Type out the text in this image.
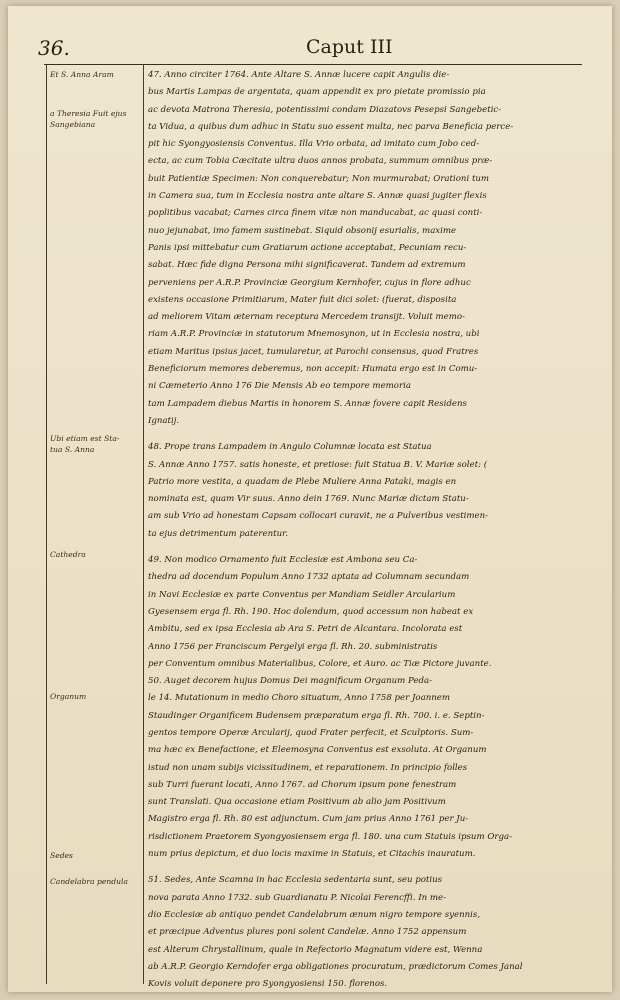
36.	Caput III
Et S. Anna Aram
a Theresia Fuit ejus
Sangebiana
Ubi etiam est Sta-
tua S. Anna
Cathedra
Organum
Sedes
Candelabra pendula
47. Anno circiter 1764. Ante Altare S. Annæ lucere capit Angulis die-
bus Martis Lampas de argentata, quam appendit ex pro pietate promissio pia
ac devota Matrona Theresia, potentissimi condam Diazatovs Pesepsi Sangebetic-
ta Vidua, a quibus dum adhuc in Statu suo essent multa, nec parva Beneficia perce-
pit hic Syongyosiensis Conventus. Illa Vrio orbata, ad imitato cum Jobo ced-
ecta, ac cum Tobia Cæcitate ultra duos annos probata, summum omnibus præ-
buit Patientiæ Specimen: Non conquerebatur; Non murmurabat; Orationi tum
in Camera sua, tum in Ecclesia nostra ante altare S. Annæ quasi jugiter flexis
poplitibus vacabat; Carnes circa finem vitæ non manducabat, ac quasi conti-
nuo jejunabat, imo famem sustinebat. Siquid obsonij esurialis, maxime
Panis ipsi mittebatur cum Gratiarum actione acceptabat, Pecuniam recu-
sabat. Hæc fide digna Persona mihi significaverat. Tandem ad extremum
perveniens per A.R.P. Provinciæ Georgium Kernhofer, cujus in flore adhuc
existens occasione Primitiarum, Mater fuit dici solet: (fuerat, disposita
ad meliorem Vitam æternam receptura Mercedem transijt. Voluit memo-
riam A.R.P. Provinciæ in statutorum Mnemosynon, ut in Ecclesia nostra, ubi
etiam Maritus ipsius jacet, tumularetur, at Parochi consensus, quod Fratres
Beneficiorum memores deberemus, non accepit: Humata ergo est in Comu-
ni Cæmeterio Anno 176 Die Mensis Ab eo tempore memoria
tam Lampadem diebus Martis in honorem S. Annæ fovere capit Residens
Ignatij.
48. Prope trans Lampadem in Angulo Columnæ locata est Statua
S. Annæ Anno 1757. satis honeste, et pretiose: fuit Statua B. V. Mariæ solet: (
Patrio more vestita, a quadam de Plebe Muliere Anna Pataki, magis en
nominata est, quam Vir suus. Anno dein 1769. Nunc Mariæ dictam Statu-
am sub Vrio ad honestam Capsam collocari curavit, ne a Pulveribus vestimen-
ta ejus detrimentum paterentur.
49. Non modico Ornamento fuit Ecclesiæ est Ambona seu Ca-
thedra ad docendum Populum Anno 1732 aptata ad Columnam secundam
in Navi Ecclesiæ ex parte Conventus per Mandiam Seidler Arcularium
Gyesensem erga fl. Rh. 190. Hoc dolendum, quod accessum non habeat ex
Ambitu, sed ex ipsa Ecclesia ab Ara S. Petri de Alcantara. Incolorata est
Anno 1756 per Franciscum Pergelyi erga fl. Rh. 20. subministratis
per Conventum omnibus Materialibus, Colore, et Auro. ac Tiæ Pictore juvante.
50. Auget decorem hujus Domus Dei magnificum Organum Peda-
le 14. Mutationum in medio Choro situatum, Anno 1758 per Joannem
Staudinger Organificem Budensem præparatum erga fl. Rh. 700. i. e. Septin-
gentos tempore Operæ Arcularij, quod Frater perfecit, et Sculptoris. Sum-
ma hæc ex Benefactione, et Eleemosyna Conventus est exsoluta. At Organum
istud non unam subijs vicissitudinem, et reparationem. In principio folles
sub Turri fuerant locati, Anno 1767. ad Chorum ipsum pone fenestram
sunt Translati. Qua occasione etiam Positivum ab alio jam Positivum
Magistro erga fl. Rh. 80 est adjunctum. Cum jam prius Anno 1761 per Ju-
risdictionem Praetorem Syongyosiensem erga fl. 180. una cum Statuis ipsum Orga-
num prius depictum, et duo locis maxime in Statuis, et Citachis inauratum.
51. Sedes, Ante Scamna in hac Ecclesia sedentaria sunt, seu potius
nova parata Anno 1732. sub Guardianatu P. Nicolai Ferencffi. In me-
dio Ecclesiæ ab antiquo pendet Candelabrum ænum nigro tempore syennis,
et præcipue Adventus plures poni solent Candelæ. Anno 1752 appensum
est Alterum Chrystallinum, quale in Refectorio Magnatum videre est, Wenna
ab A.R.P. Georgio Kerndofer erga obligationes procuratum, prædictorum Comes Janal
Kovis voluit deponere pro Syongyosiensi 150. florenos.
